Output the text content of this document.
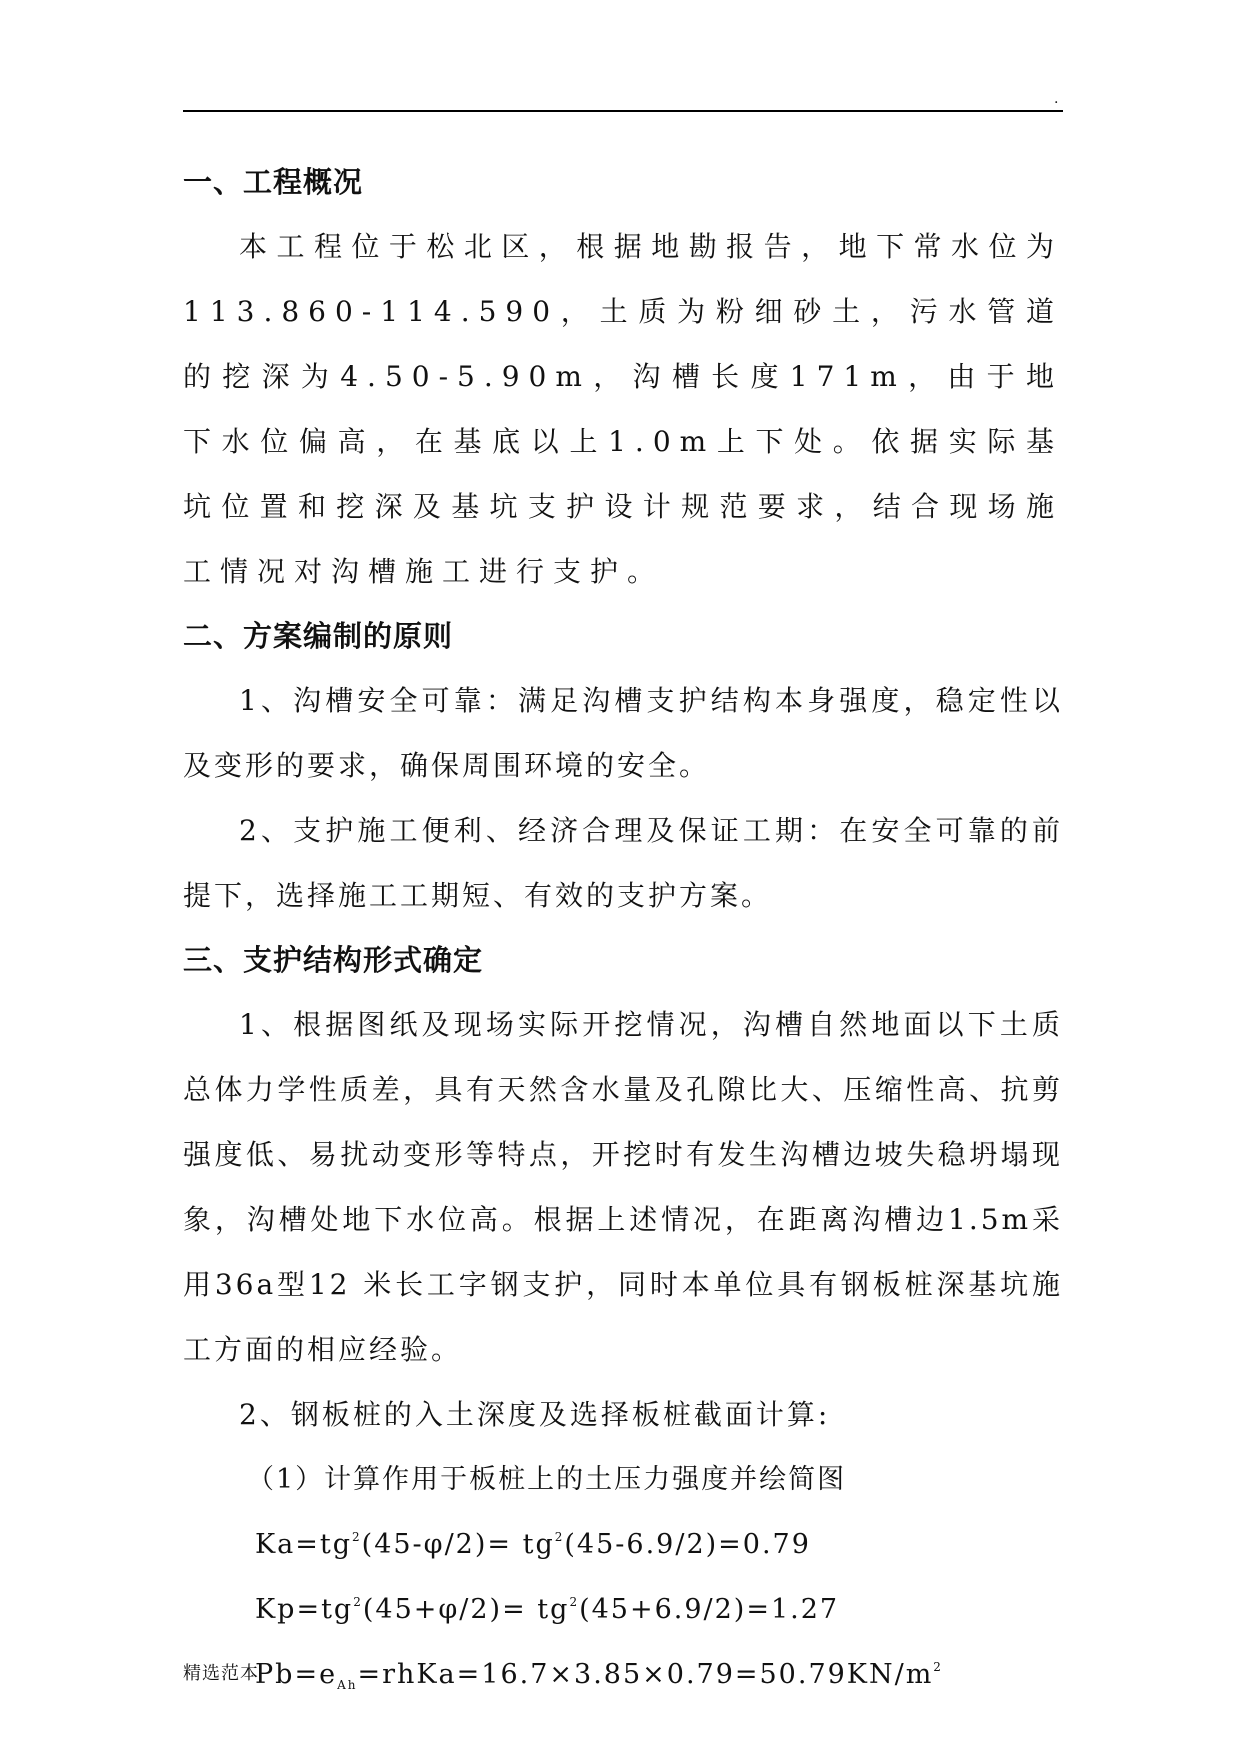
.
一、工程概况

本工程位于松北区，根据地勘报告，地下常水位为113.860-114.590，土质为粉细砂土，污水管道的挖深为4.50-5.90m，沟槽长度171m，由于地下水位偏高，在基底以上1.0m上下处。依据实际基坑位置和挖深及基坑支护设计规范要求，结合现场施工情况对沟槽施工进行支护。

二、方案编制的原则

1、沟槽安全可靠：满足沟槽支护结构本身强度，稳定性以及变形的要求，确保周围环境的安全。

2、支护施工便利、经济合理及保证工期：在安全可靠的前提下，选择施工工期短、有效的支护方案。

三、支护结构形式确定

1、根据图纸及现场实际开挖情况，沟槽自然地面以下土质总体力学性质差，具有天然含水量及孔隙比大、压缩性高、抗剪强度低、易扰动变形等特点，开挖时有发生沟槽边坡失稳坍塌现象，沟槽处地下水位高。根据上述情况，在距离沟槽边1.5m采用36a型12 米长工字钢支护，同时本单位具有钢板桩深基坑施工方面的相应经验。

2、钢板桩的入土深度及选择板桩截面计算:

（1）计算作用于板桩上的土压力强度并绘简图

$Ka=tg^2(45-\varphi/2)= tg^2(45-6.9/2)=0.79$

$Kp=tg^2(45+\varphi/2)= tg^2(45+6.9/2)=1.27$

$Pb=e_{Ah}=rhKa=16.7\times 3.85\times 0.79=50.79KN/m^2$

精选范本
